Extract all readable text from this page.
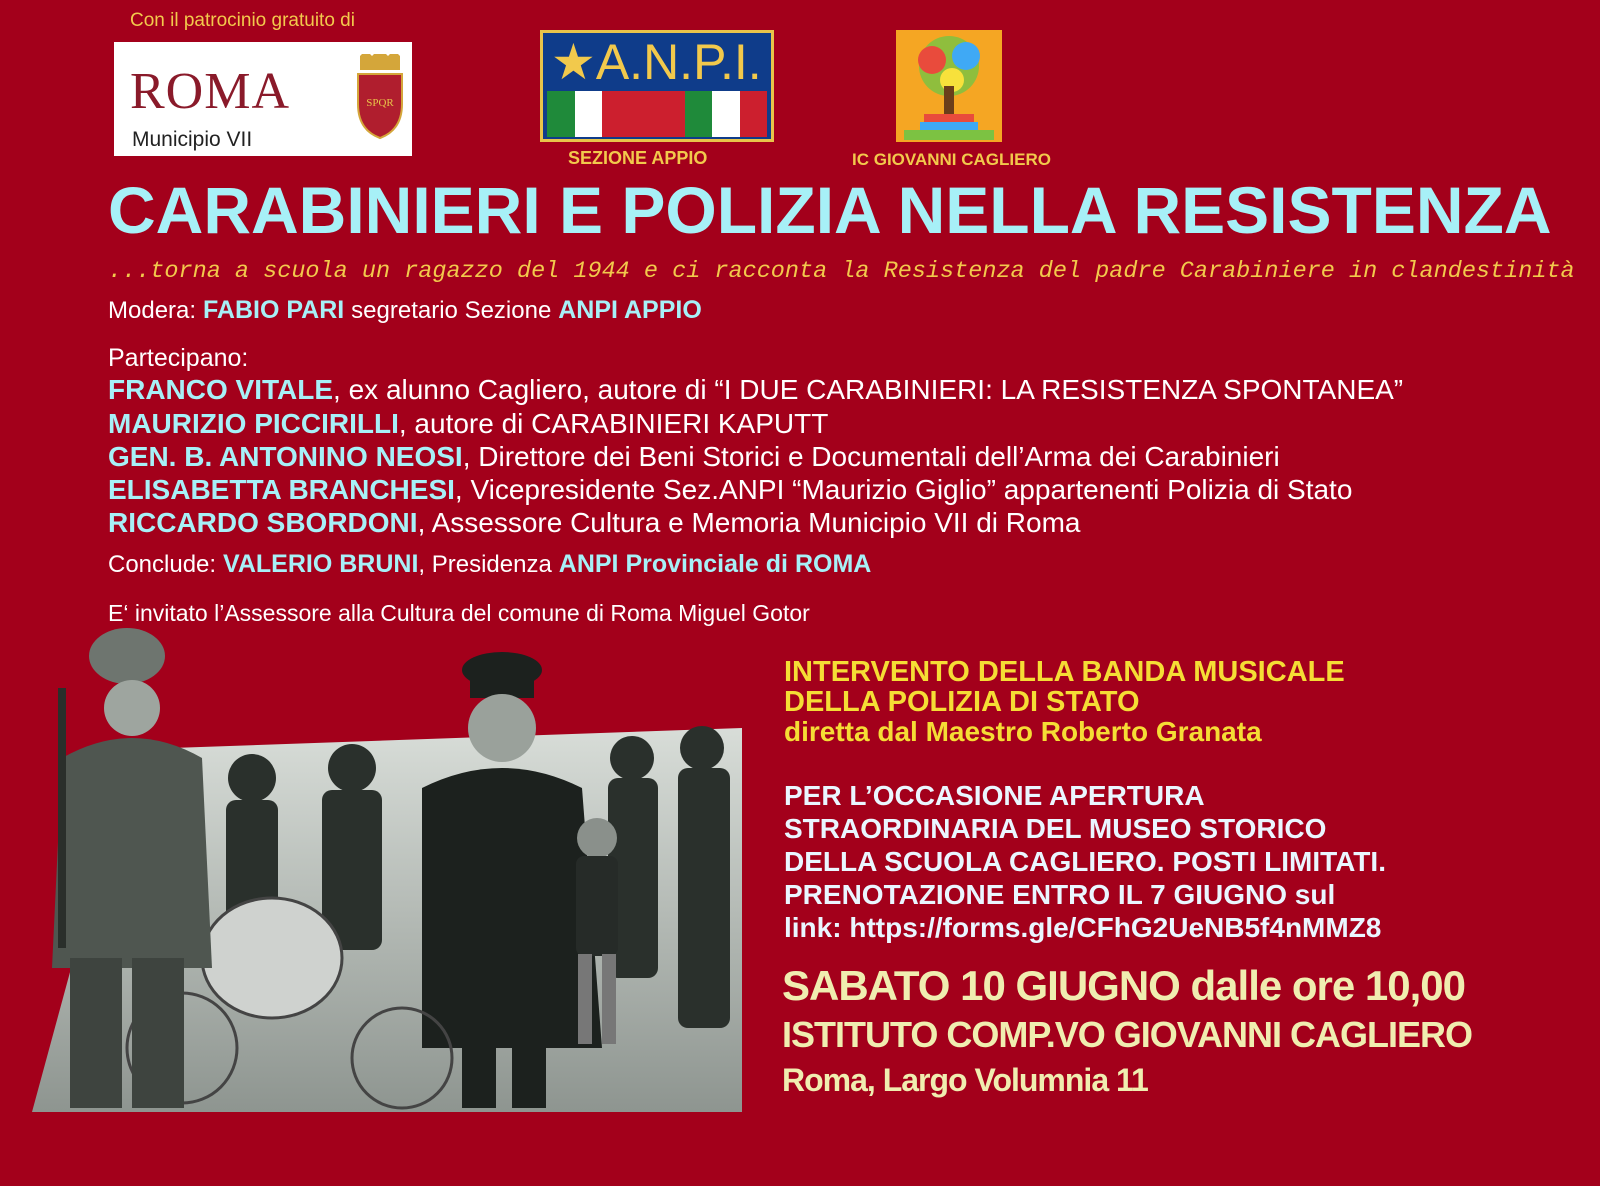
Con il patrocinio gratuito di
ROMA
Municipio VII
SPQR
★A.N.P.I.
SEZIONE APPIO	IC GIOVANNI CAGLIERO
CARABINIERI E POLIZIA NELLA RESISTENZA
...torna a scuola un ragazzo del 1944 e ci racconta la Resistenza del padre Carabiniere in clandestinità
Modera: FABIO PARI segretario Sezione ANPI APPIO
Partecipano:
FRANCO VITALE, ex alunno Cagliero, autore di “I DUE CARABINIERI: LA RESISTENZA SPONTANEA”
MAURIZIO PICCIRILLI, autore di CARABINIERI KAPUTT
GEN. B. ANTONINO NEOSI, Direttore dei Beni Storici e Documentali dell’Arma dei Carabinieri
ELISABETTA BRANCHESI, Vicepresidente Sez.ANPI “Maurizio Giglio” appartenenti Polizia di Stato
RICCARDO SBORDONI, Assessore Cultura e Memoria Municipio VII di Roma
Conclude: VALERIO BRUNI, Presidenza ANPI Provinciale di ROMA
E‘ invitato l’Assessore alla Cultura del comune di Roma Miguel Gotor
INTERVENTO DELLA BANDA MUSICALE
DELLA POLIZIA DI STATO
diretta dal Maestro Roberto Granata
PER L’OCCASIONE APERTURA
STRAORDINARIA DEL MUSEO STORICO
DELLA SCUOLA CAGLIERO. POSTI LIMITATI.
PRENOTAZIONE ENTRO IL 7 GIUGNO sul
link: https://forms.gle/CFhG2UeNB5f4nMMZ8
SABATO 10 GIUGNO dalle ore 10,00
ISTITUTO COMP.VO GIOVANNI CAGLIERO
Roma, Largo Volumnia 11
